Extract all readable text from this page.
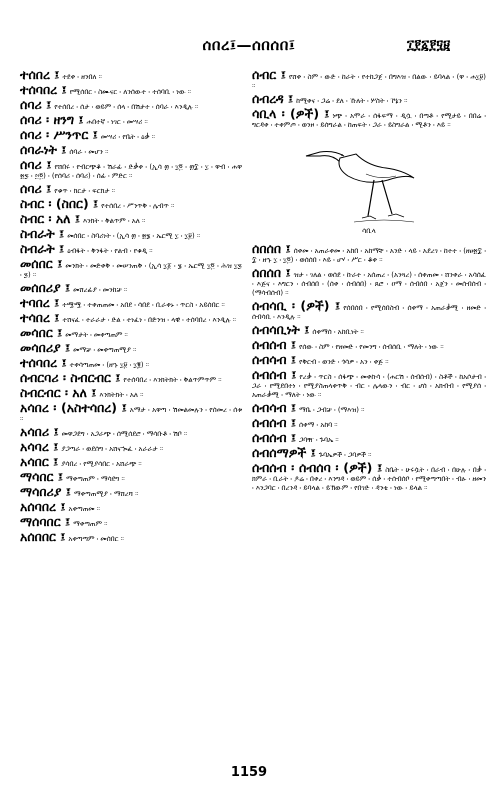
ሰበረ፤—ሰበሰበ፤	፲፻፩፻፶፱
ተሰበረ ፤ ተደቀ ፡ ዘንበለ ።
ተሰባበረ ፤ የሚሰበር ፡ ስሙናር ፡ ለንሰውተ ፡ ተሰባቢ ፡ ነው ።
ሰባሪ ፤ የተሰበረ ፡ ሰታ ፡ ወይም ፡ ሰላ ፡ በሽታተ ፡ ሰባራ ፡ እንዲሉ ።
ሰባሪ ፡ ዘንግ ፤ ሐበተኛ ፡ ነገር ፡ መሣሪ ።
ሰባሪ ፡ ሥንጥር ፤ መሣሪ ፡ የቤት ፡ ዕቃ ።
ሰባራነት ፤ ሰባራ ፡ መሆን ።
ሰባሪ ፤ የሸበሩ ፡ የብርጭቆ ፡ ሽራፊ ፡ ድቃቀ ፡ (ኢሳ ፴ ፡ ፲፬ ፡ ፴፰ ፡ ፲ ፡ ዋብ ፡ ሐዋ ፳፯ ፡ ፵፬) ፡ (የሰባሪ ፡ ሰባሪ) ፡ ሰፊ ፡ ምድር ።
ሰባሪ ፤ የቁጥ ፡ ክርታ ፡ ፍርክታ ።
ስብር ፡ (ስበር) ፤ የተሰበረ ፡ ሥንጥቅ ፡ ሌብጥ ።
ስብር ፡ አለ ፤ እንክት ፡ ቅልጥም ፡ አለ ።
ስብራት ፤ መሰበር ፡ ስባሪነት ፡ (ኢሳ ፴ ፡ ፳፮ ፡ ኤርሚ ፲ ፡ ፲፱) ።
ስብራት ፤ ዕብፋት ፡ ቅንፋት ፡ የልብ ፡ የቁዲ ።
መሰበር ፤ መንክት ፡ መድቀቅ ፡ መሠንጠቅ ፡ (ኢሳ ፲፩ ፡ ፮ ፡ ኤርሚ ፲፬ ፡ ሕዝ ፲፯ ፡ ፯) ።
መሰበሪያ ፤ መሸረፊያ ፡ መንከቻ ።
ተባበረ ፤ ተሟሟ ፡ ተቀጠጠመ ፡ አበደ ፡ ሳበደ ፡ ቢራቀኑ ፡ ጥርስ ፡ አይሰበር ።
ተሳበረ ፤ ተሸናፈ ፡ ተራራታ ፡ ድል ፡ ተነፈነ ፡ በድንዝ ፡ ላዊ ፡ ተሰባበረ ፡ እንዲሉ ።
መሳበር ፤ መማታት ፡ መቀጣጠም ።
መሳበሪያ ፤ መማቻ ፡ መቀጣጠሚያ ።
ተሰባበረ ፤ ተቀሳጣጠመ ፡ (ዘኁ ፲፱ ፡ ፲፪) ።
ሰብርባሪ ፡ ስብርብር ፤ የተሰባበረ ፡ እንክትክት ፡ ቅልጥምጥም ።
ስብርብር ፡ አለ ፤ እንክትክት ፡ አለ ።
አሳበረ ፡ (አስተሳበረ) ፤ አማታ ፡ አዋጣ ፡ ሽመልመሉን ፡ የሰመረ ፡ ሰቱ ።
አሳበሪ ፤ መዋጋደግ ፡ አጋራጭ ፡ ሰሚሰደሮ ፡ ማሳቡቶ ፡ ሽቦ ።
አሳባረ ፤ ያጋጣራ ፡ ወደሰግ ፡ አሸናኈፈ ፡ አራራታ ።
አሳበር ፤ ያሳበረ ፡ የሚያሳበር ፡ አሸራጭ ።
ማሳበር ፤ ማቀጣጠም ፡ ማሳደግ ።
ማሳበሪያ ፤ ማቀጣጠሚያ ፡ ማሸረሻ ።
አሰባበረ ፤ አቀጣጠመ ።
ማሰባበር ፤ ማቀጣጠም ።
አሰበበር ፤ አቀጣጣም ፡ መሰበር ።
ሰብር ፤ የሸቀ ፡ ስም ፡ ውድ ፡ ከራት ፡ የተከጋጀ ፡ በግእዝ ፡ በልው ፡ ይባላል ፡ (ዋ ፡ ሐ፲፱) ።
ሰብረዳ ፤ ከሚቀና ፡ ጋሬ ፡ ደለ ፡ ኹለት ፡ ሦስት ፡ ኾኔን ።
ሳቢላ ፡ (ዎች) ፤ ነጭ ፡ አሞራ ፡ ሰፋፍማ ፡ ዲሷ ፡ በጣቶ ፡ የሚታይ ፡ በበሬ ፡ ግርዳቀ ፡ ተቀምጦ ፡ ወንዞ ፡ ይሰግራል ፡ ከጠፍት ፡ ጋራ ፡ ይስግራል ፡ ሚቶን ፡ እይ ።
ሳቢላ
ሰበሰበ ፤ ሰቀመ ፡ አጠራቀመ ፡ አከበ ፡ አከማቸ ፡ አንድ ፡ ላይ ፡ አደረገ ፡ ከተተ ፡ (ዘፀ፳፰ ፡ ፰ ፡ ዘኁ ፲ ፡ ፲፬) ፡ ወሰሰበ ፡ እይ ፡ ሆሃ ፡ ሥር ፡ ቆቀ ።
ሰበሰበ ፤ ዝታ ፡ ገለል ፡ ወሰደ ፡ ኩራተ ፡ አሰጠረ ፡ (አንጓረ) ፡ ሰቀጠመ ፡ ሸንቀራ ፡ አሳሰፈ ፡ እጅና ፡ እግርን ፡ ሰብሰበ ፡ (ሰቀ ፡ ሰብሰበ) ፡ ጸሮ ፡ ዐማ ፡ ሰብሰበ ፡ አጀን ፡ መሰብሰብ ፡ (ማሳብሰብ) ።
ሰብሳቢ ፡ (ዎች) ፤ የሰበሰበ ፡ የሚሰበስብ ፡ ሰቀማ ፡ አጠራቃሚ ፡ ዘመድ ፡ ሰብሳቢ ፡ እንዲሉ ።
ሰብሳቢነት ፤ ሰቀማሰ ፡ አከቢነት ።
ሰብሰብ ፤ የሰው ፡ ስም ፡ የዘመድ ፡ የመንግ ፡ ሰብሰቢ ፡ ማለት ፡ ነው ።
ሰብሳብ ፤ የቅርብ ፡ ወንድ ፡ ጎሳዎ ፡ አን ፡ ቀጅ ።
ሰብሰብ ፤ የረቃ ፡ ጥርስ ፡ ሰፋጭ ፡ መቀኩሳ ፡ (ሐርሽ ፡ ሰብሰብ) ፡ ስቶች ፡ ከአሶታብ ፡ ጋራ ፡ የሚደበተነ ፡ የሚያስጠላቀጥቅ ፡ ብር ፡ ሌላውን ፡ ብር ፡ ሆሰ ፡ አክብብ ፡ የሚያሰ ፡ አጠራቃሚ ፡ ማለት ፡ ነው ።
ሰብሳብ ፤ ማቤ ፡ ጋብቻ ፡ (ማእዝ) ።
ሰብሰብ ፤ ሰቀማ ፡ አከባ ።
ሰብሰብ ፤ ጋባዥ ፡ ጉባኤ ።
ሰብሰማዎች ፤ ጉባኤዎች ፡ ጋባዎች ።
ሰብሰብ ፡ ሰብሰባ ፡ (ዎች) ፤ ስቤት ፡ ሁሩሷት ፡ በራብ ፡ በሁሉ ፡ በቃ ፡ ክምራ ፡ ቢራት ፡ ዶሬ ፡ በቀረ ፡ እንግዳ ፡ ወይም ፡ ሰቃ ፡ ተሰብሰቦ ፡ የሚቀጣጣበት ፡ ብፁ ፡ ዘመን ፡ እንጋባር ፡ በረንዳ ፡ ይባላል ፡ ይኽውም ፡ የበገድ ፡ ዳንቴ ፡ ነው ፡ ይላል ።
1159
